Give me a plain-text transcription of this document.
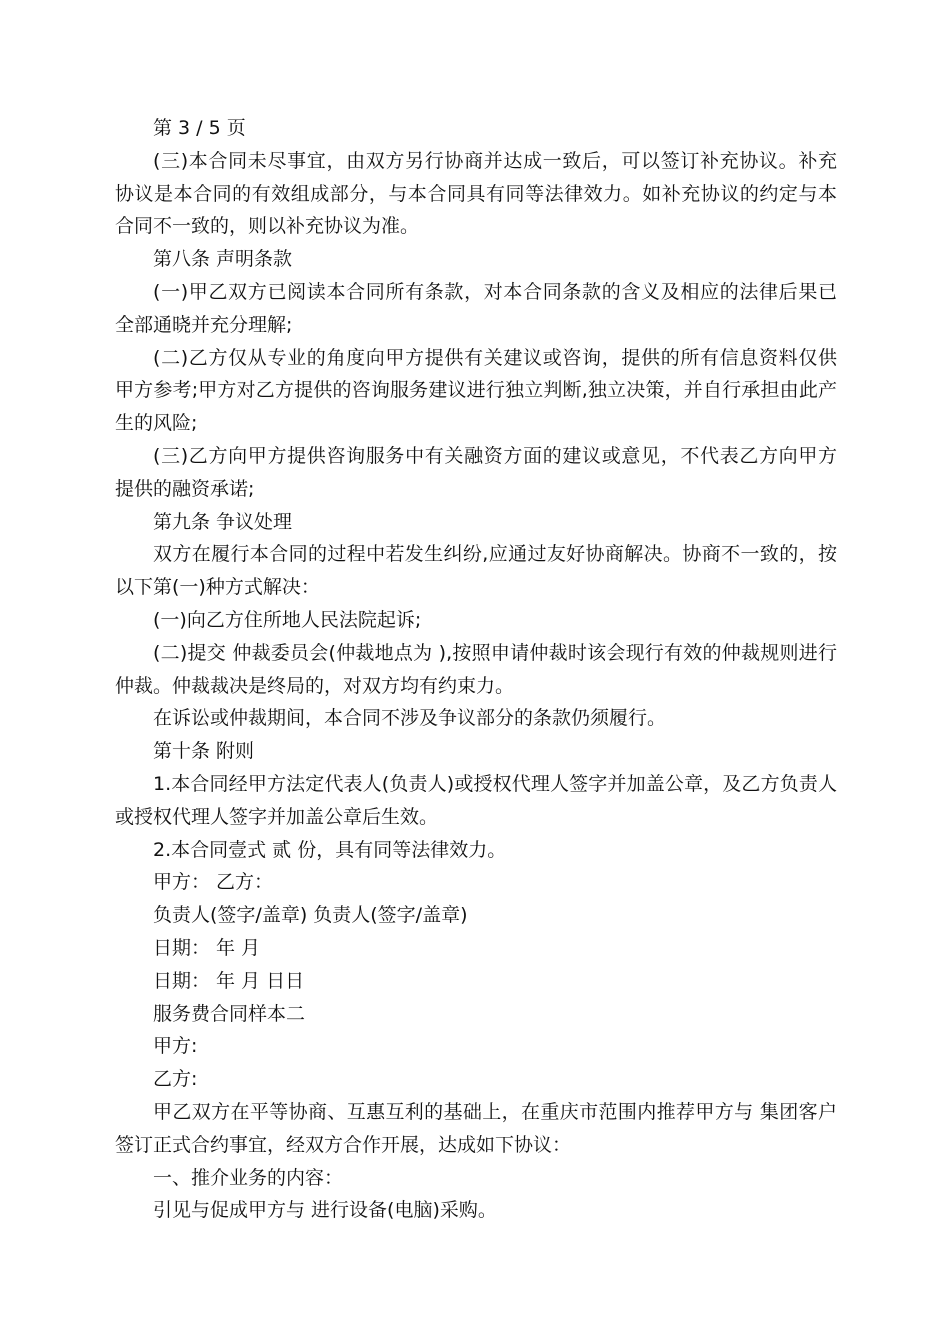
第 3 / 5 页
(三)本合同未尽事宜，由双方另行协商并达成一致后，可以签订补充协议。补充
协议是本合同的有效组成部分，与本合同具有同等法律效力。如补充协议的约定与本
合同不一致的，则以补充协议为准。
第八条 声明条款
(一)甲乙双方已阅读本合同所有条款，对本合同条款的含义及相应的法律后果已
全部通晓并充分理解;
(二)乙方仅从专业的角度向甲方提供有关建议或咨询，提供的所有信息资料仅供
甲方参考;甲方对乙方提供的咨询服务建议进行独立判断,独立决策，并自行承担由此产
生的风险;
(三)乙方向甲方提供咨询服务中有关融资方面的建议或意见，不代表乙方向甲方
提供的融资承诺;
第九条 争议处理
双方在履行本合同的过程中若发生纠纷,应通过友好协商解决。协商不一致的，按
以下第(一)种方式解决：
(一)向乙方住所地人民法院起诉;
(二)提交 仲裁委员会(仲裁地点为 ),按照申请仲裁时该会现行有效的仲裁规则进行
仲裁。仲裁裁决是终局的，对双方均有约束力。
在诉讼或仲裁期间，本合同不涉及争议部分的条款仍须履行。
第十条 附则
1.本合同经甲方法定代表人(负责人)或授权代理人签字并加盖公章，及乙方负责人
或授权代理人签字并加盖公章后生效。
2.本合同壹式 贰 份，具有同等法律效力。
甲方： 乙方：
负责人(签字/盖章) 负责人(签字/盖章)
日期： 年 月
日期： 年 月 日日
服务费合同样本二
甲方:
乙方:
甲乙双方在平等协商、互惠互利的基础上，在重庆市范围内推荐甲方与 集团客户
签订正式合约事宜，经双方合作开展，达成如下协议：
一、推介业务的内容：
引见与促成甲方与 进行设备(电脑)采购。
